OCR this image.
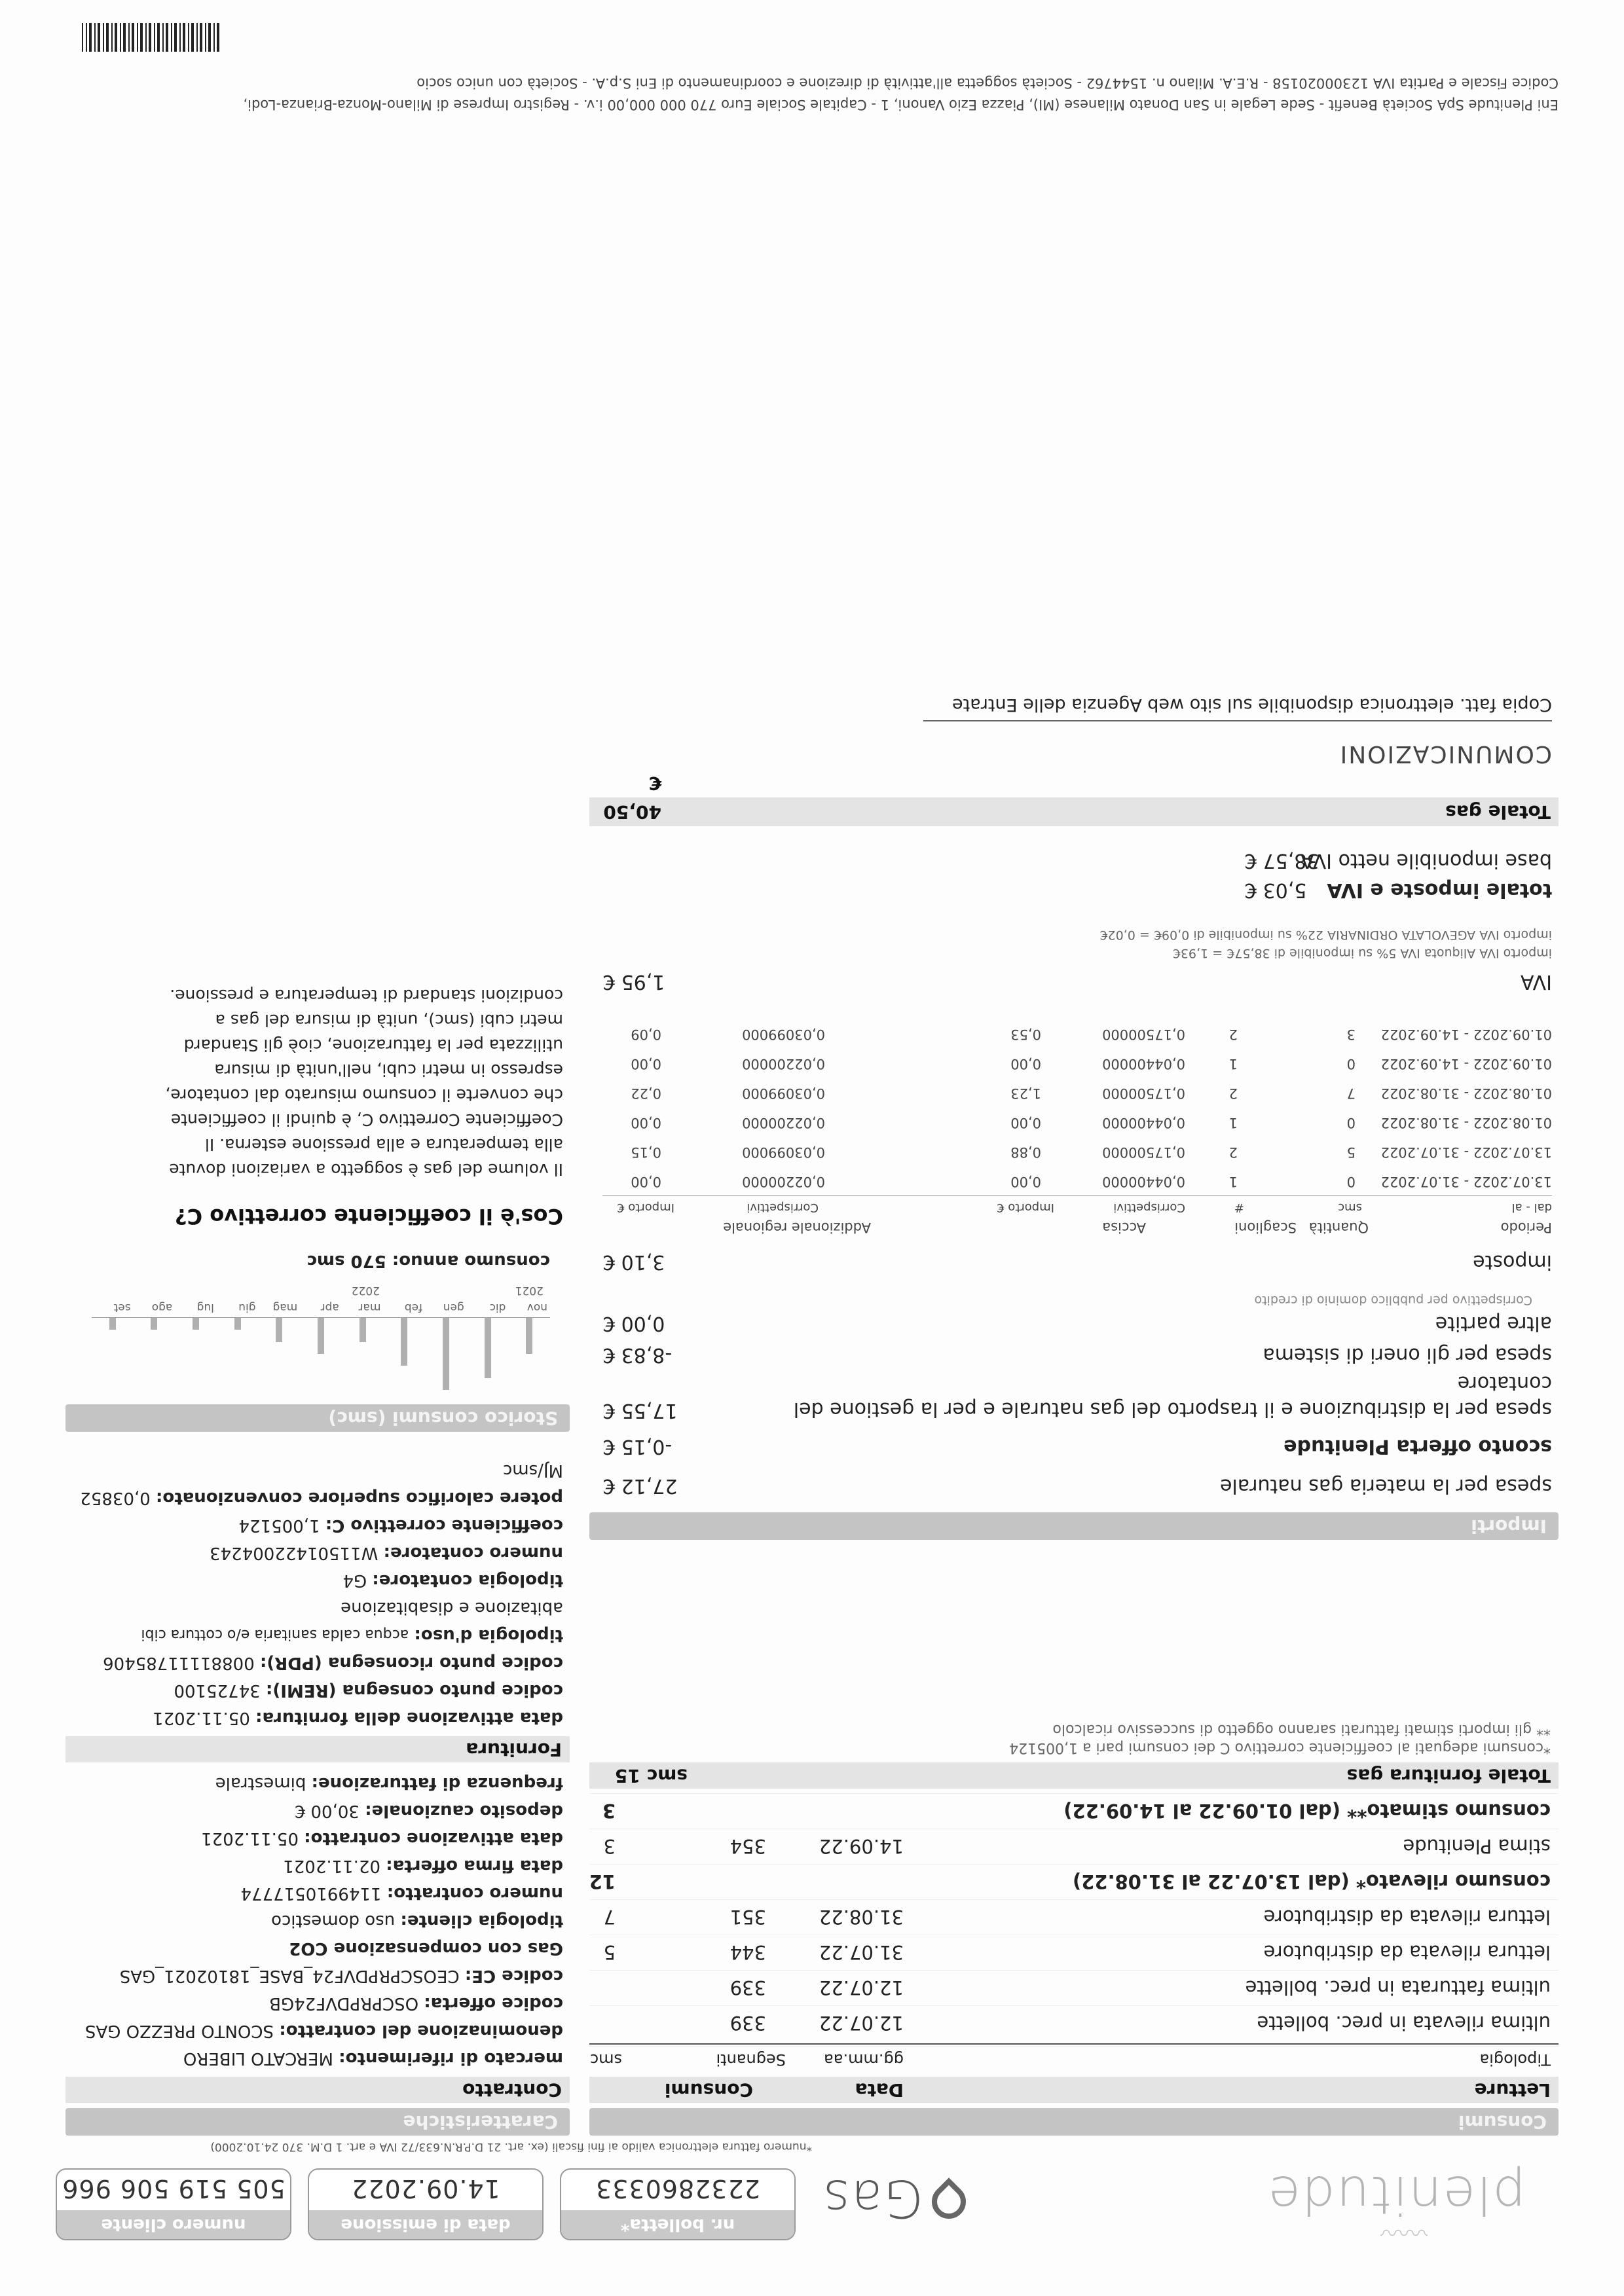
〰〰
plenitude
Gas
nr. bolletta*
2232860333
data di emissione
14.09.2022
numero cliente
505 519 506 966
*numero fattura elettronica valido ai fini fiscali (ex. art. 21 D.P.R.N.633/72 IVA e art. 1 D.M. 370 24.10.2000)
Consumi
Letture
Data
Consumi
Tipologia
gg.mm.aa
Segnanti
smc
ultima rilevata in prec. bollette
12.07.22
339
ultima fatturata in prec. bollette
12.07.22
339
lettura rilevata da distributore
31.07.22
344
5
lettura rilevata da distributore
31.08.22
351
7
consumo rilevato* (dal 13.07.22 al 31.08.22)
12
stima Plenitude
14.09.22
354
3
consumo stimato** (dal 01.09.22 al 14.09.22)
3
Totale fornitura gas
smc 15
*consumi adeguati al coefficiente correttivo C dei consumi pari a 1,005124
** gli importi stimati fatturati saranno oggetto di successivo ricalcolo
Importi
spesa per la materia gas naturale
27,12 €
sconto offerta Plenitude
-0,15 €
spesa per la distribuzione e il trasporto del gas naturale e per la gestione del contatore
17,55 €
spesa per gli oneri di sistema
-8,83 €
altre partite
0,00 €
Corrispettivo per pubblico dominio di credito
imposte
3,10 €
Periodo
Quantità
Scaglioni
Accisa
Addizionale regionale
dal - al
smc
#
Corrispettivi
Importo €
Corrispettivi
Importo €
13.07.2022 - 31.07.2022
0
1
0,04400000
0,00
0,02200000
0,00
13.07.2022 - 31.07.2022
5
2
0,17500000
0,88
0,03099000
0,15
01.08.2022 - 31.08.2022
0
1
0,04400000
0,00
0,02200000
0,00
01.08.2022 - 31.08.2022
7
2
0,17500000
1,23
0,03099000
0,22
01.09.2022 - 14.09.2022
0
1
0,04400000
0,00
0,02200000
0,00
01.09.2022 - 14.09.2022
3
2
0,17500000
0,53
0,03099000
0,09
IVA
1,95 €
importo IVA Aliquota IVA 5% su imponibile di 38,57€ = 1,93€
importo IVA AGEVOLATA ORDINARIA 22% su imponibile di 0,09€ = 0,02€
totale imposte e IVA
5,03 €
base imponibile netto IVA
38,57 €
Totale gas
40,50 €
COMUNICAZIONI
Copia fatt. elettronica disponibile sul sito web Agenzia delle Entrate
Caratteristiche
Contratto
mercato di riferimento: MERCATO LIBERO
denominazione del contratto: SCONTO PREZZO GAS
codice offerta: OSCPRPDVF24GB
codice CE: CEOSCPRPDVF24_BASE_18102021_GAS
Gas con compensazione CO2
tipologia cliente: uso domestico
numero contratto: 1149910517774
data firma offerta: 02.11.2021
data attivazione contratto: 05.11.2021
deposito cauzionale: 30,00 €
frequenza di fatturazione: bimestrale
Fornitura
data attivazione della fornitura: 05.11.2021
codice punto consegna (REMI): 34725100
codice punto riconsegna (PDR): 00881111785406
tipologia d'uso: acqua calda sanitaria e/o cottura cibi
abitazione e disabitazione
tipologia contatore: G4
numero contatore: W11501422004243
coefficiente correttivo C: 1,005124
potere calorifico superiore convenzionato: 0,03852
MJ/smc
Storico consumi (smc)
nov
dic
gen
feb
mar
apr
mag
giu
lug
ago
set
2021
2022
consumo annuo: 570 smc
Cos'è il coefficiente correttivo C?
Il volume del gas è soggetto a variazioni dovute
alla temperatura e alla pressione esterna. Il
Coefficiente Correttivo C, è quindi il coefficiente
che converte il consumo misurato dal contatore,
espresso in metri cubi, nell'unità di misura
utilizzata per la fatturazione, cioè gli Standard
metri cubi (smc), unità di misura del gas a
condizioni standard di temperatura e pressione.
Eni Plenitude SpA Società Benefit - Sede Legale in San Donato Milanese (MI), Piazza Ezio Vanoni, 1 - Capitale Sociale Euro 770 000 000,00 i.v. - Registro Imprese di Milano-Monza-Brianza-Lodi,
Codice Fiscale e Partita IVA 12300020158 - R.E.A. Milano n. 1544762 - Società soggetta all'attività di direzione e coordinamento di Eni S.p.A. - Società con unico socio
